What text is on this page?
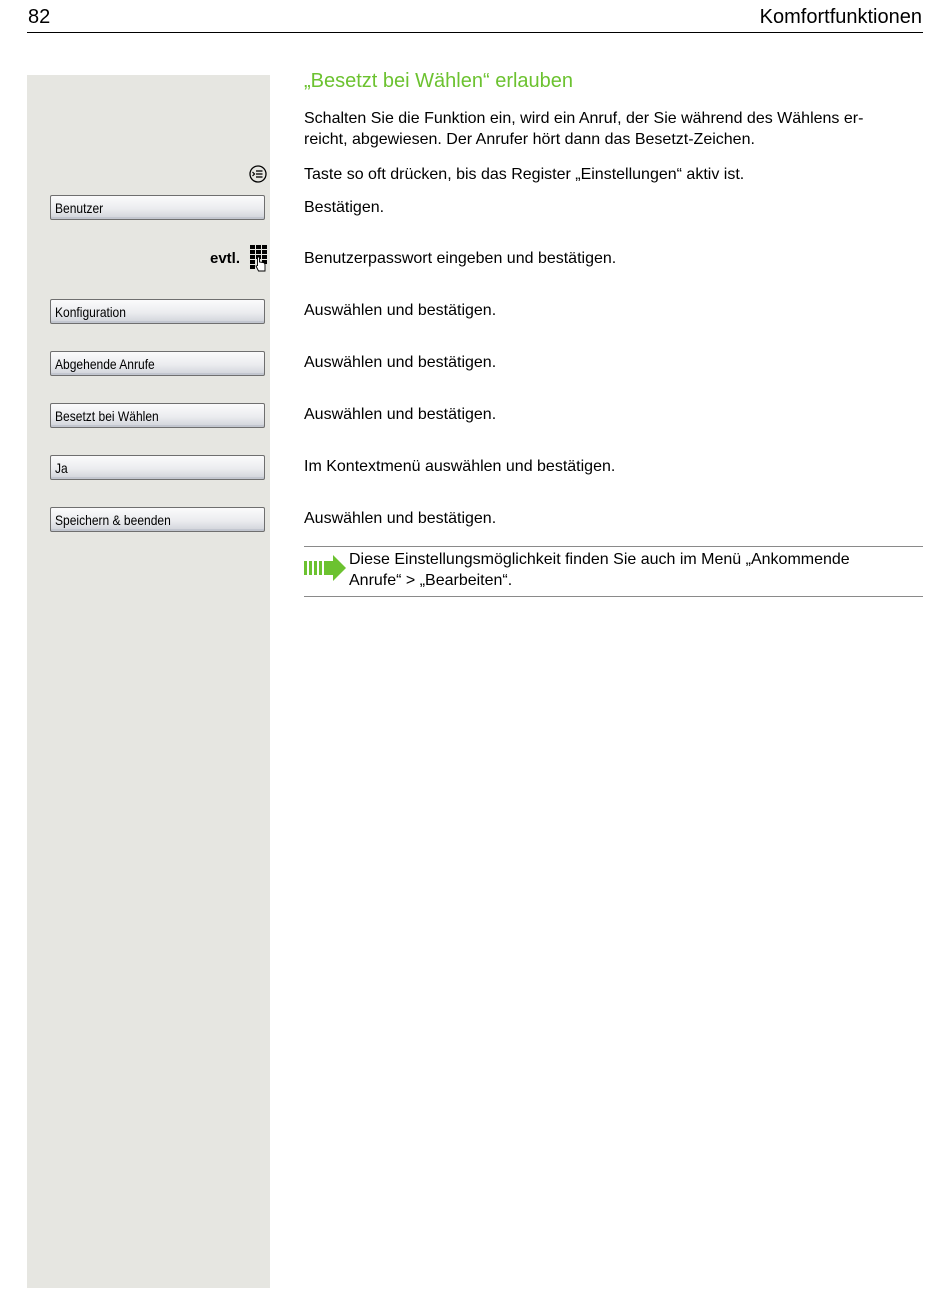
82	Komfortfunktionen
„Besetzt bei Wählen“ erlauben
Schalten Sie die Funktion ein, wird ein Anruf, der Sie während des Wählens er-
reicht, abgewiesen. Der Anrufer hört dann das Besetzt-Zeichen.
Taste so oft drücken, bis das Register „Einstellungen“ aktiv ist.
Benutzer	Bestätigen.
evtl.	Benutzerpasswort eingeben und bestätigen.
Konfiguration	Auswählen und bestätigen.
Abgehende Anrufe	Auswählen und bestätigen.
Besetzt bei Wählen	Auswählen und bestätigen.
Ja	Im Kontextmenü auswählen und bestätigen.
Speichern & beenden	Auswählen und bestätigen.
Diese Einstellungsmöglichkeit finden Sie auch im Menü „Ankommende
Anrufe“ > „Bearbeiten“.
